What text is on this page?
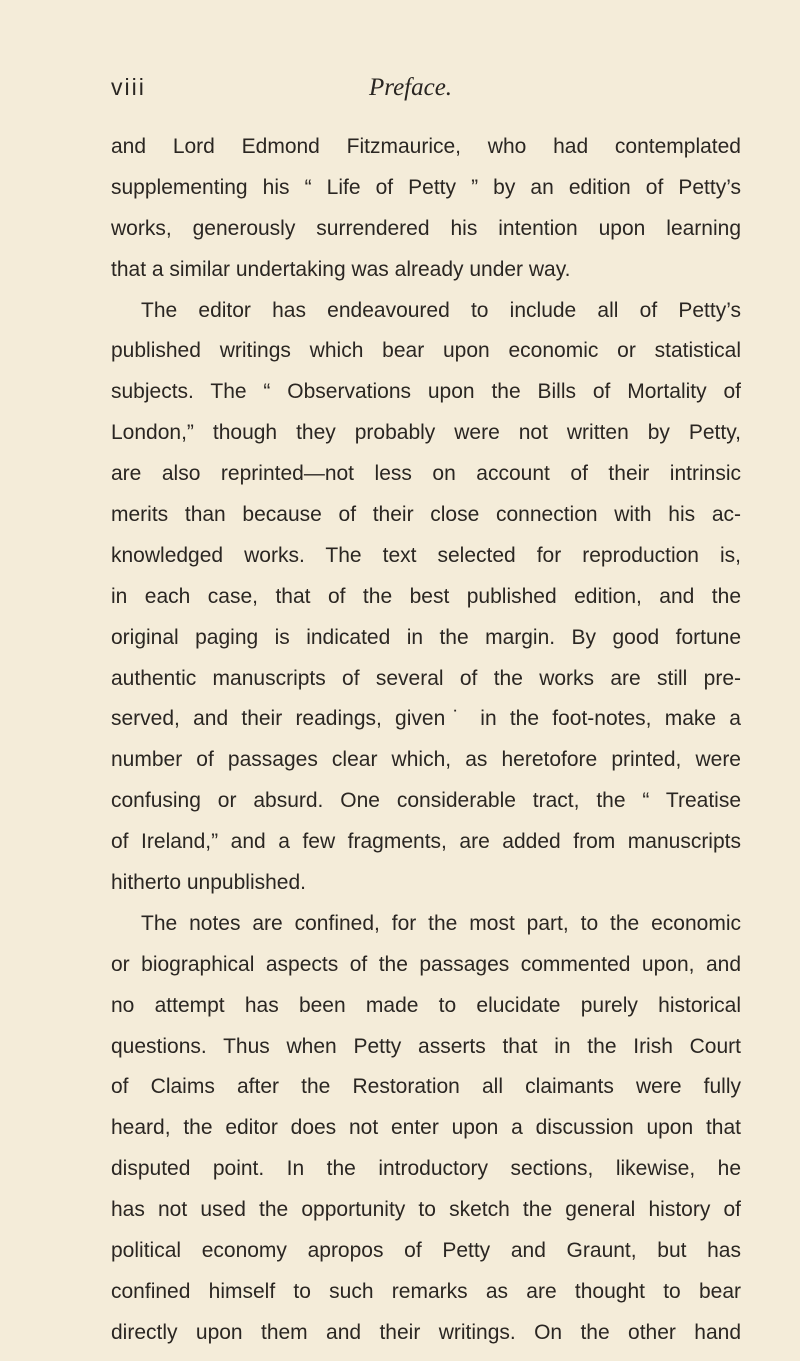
viii	Preface.
and Lord Edmond Fitzmaurice, who had contemplated
supplementing his “ Life of Petty ” by an edition of Petty’s
works, generously surrendered his intention upon learning
that a similar undertaking was already under way.
The editor has endeavoured to include all of Petty’s
published writings which bear upon economic or statistical
subjects. The “ Observations upon the Bills of Mortality of
London,” though they probably were not written by Petty,
are also reprinted—not less on account of their intrinsic
merits than because of their close connection with his ac-
knowledged works. The text selected for reproduction is,
in each case, that of the best published edition, and the
original paging is indicated in the margin. By good fortune
authentic manuscripts of several of the works are still pre-
served, and their readings, given˙ in the foot-notes, make a
number of passages clear which, as heretofore printed, were
confusing or absurd. One considerable tract, the “ Treatise
of Ireland,” and a few fragments, are added from manuscripts
hitherto unpublished.
The notes are confined, for the most part, to the economic
or biographical aspects of the passages commented upon, and
no attempt has been made to elucidate purely historical
questions. Thus when Petty asserts that in the Irish Court
of Claims after the Restoration all claimants were fully
heard, the editor does not enter upon a discussion upon that
disputed point. In the introductory sections, likewise, he
has not used the opportunity to sketch the general history of
political economy apropos of Petty and Graunt, but has
confined himself to such remarks as are thought to bear
directly upon them and their writings. On the other hand
